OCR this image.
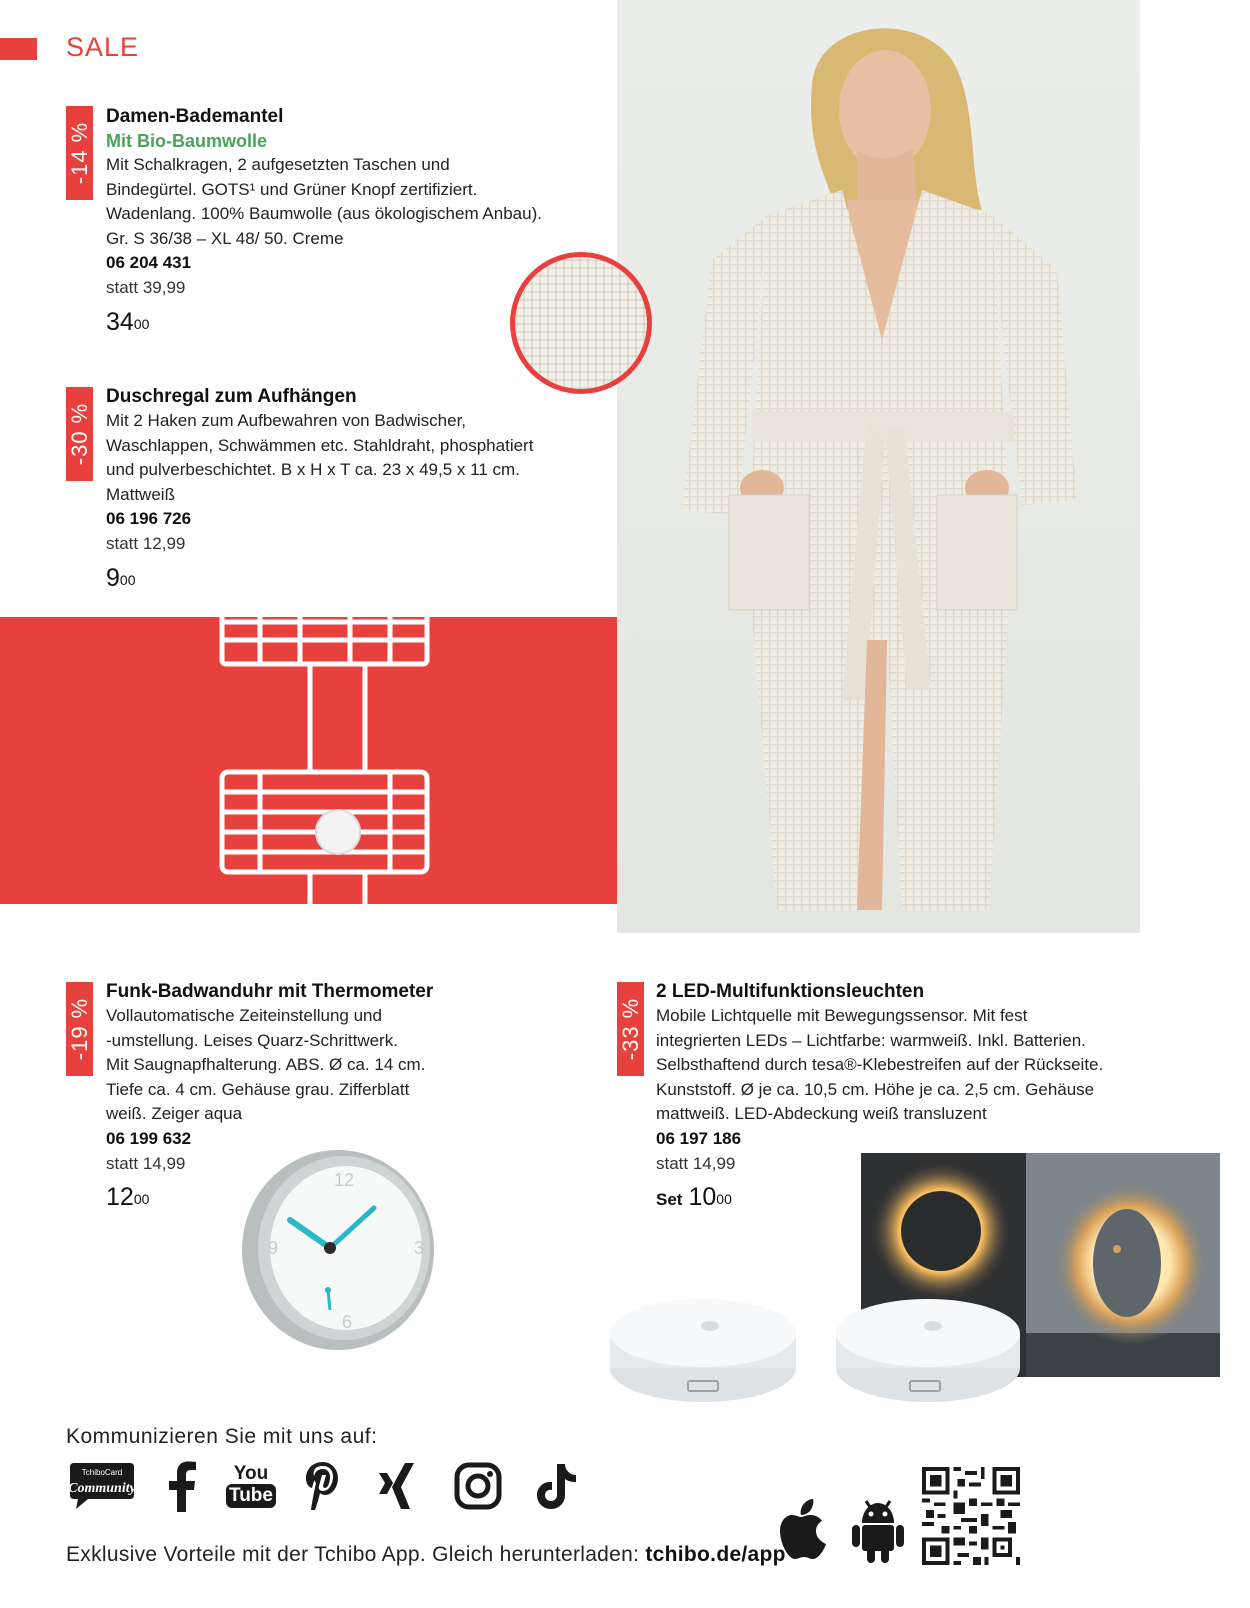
SALE
-14 %
Damen-Bademantel
Mit Bio-Baumwolle
Mit Schalkragen, 2 aufgesetzten Taschen und
Bindegürtel. GOTS¹ und Grüner Knopf zertifiziert.
Wadenlang. 100% Baumwolle (aus ökologischem Anbau).
Gr. S 36/38 – XL 48/ 50. Creme
06 204 431
statt 39,99
$34^{00}$
-30 %
Duschregal zum Aufhängen
Mit 2 Haken zum Aufbewahren von Badwischer,
Waschlappen, Schwämmen etc. Stahldraht, phosphatiert
und pulverbeschichtet. B x H x T ca. 23 x 49,5 x 11 cm.
Mattweiß
06 196 726
statt 12,99
$9^{00}$
-19 %
Funk-Badwanduhr mit Thermometer
Vollautomatische Zeiteinstellung und
-umstellung. Leises Quarz-Schrittwerk.
Mit Saugnapfhalterung. ABS. Ø ca. 14 cm.
Tiefe ca. 4 cm. Gehäuse grau. Zifferblatt
weiß. Zeiger aqua
06 199 632
statt 14,99
$12^{00}$
12
3
6
9
-33 %
2 LED-Multifunktionsleuchten
Mobile Lichtquelle mit Bewegungssensor. Mit fest
integrierten LEDs – Lichtfarbe: warmweiß. Inkl. Batterien.
Selbsthaftend durch tesa®-Klebestreifen auf der Rückseite.
Kunststoff. Ø je ca. 10,5 cm. Höhe je ca. 2,5 cm. Gehäuse
mattweiß. LED-Abdeckung weiß transluzent
06 197 186
statt 14,99
Set $10^{00}$
Kommunizieren Sie mit uns auf:
TchiboCard
Community
You
Tube
Exklusive Vorteile mit der Tchibo App. Gleich herunterladen: tchibo.de/app
